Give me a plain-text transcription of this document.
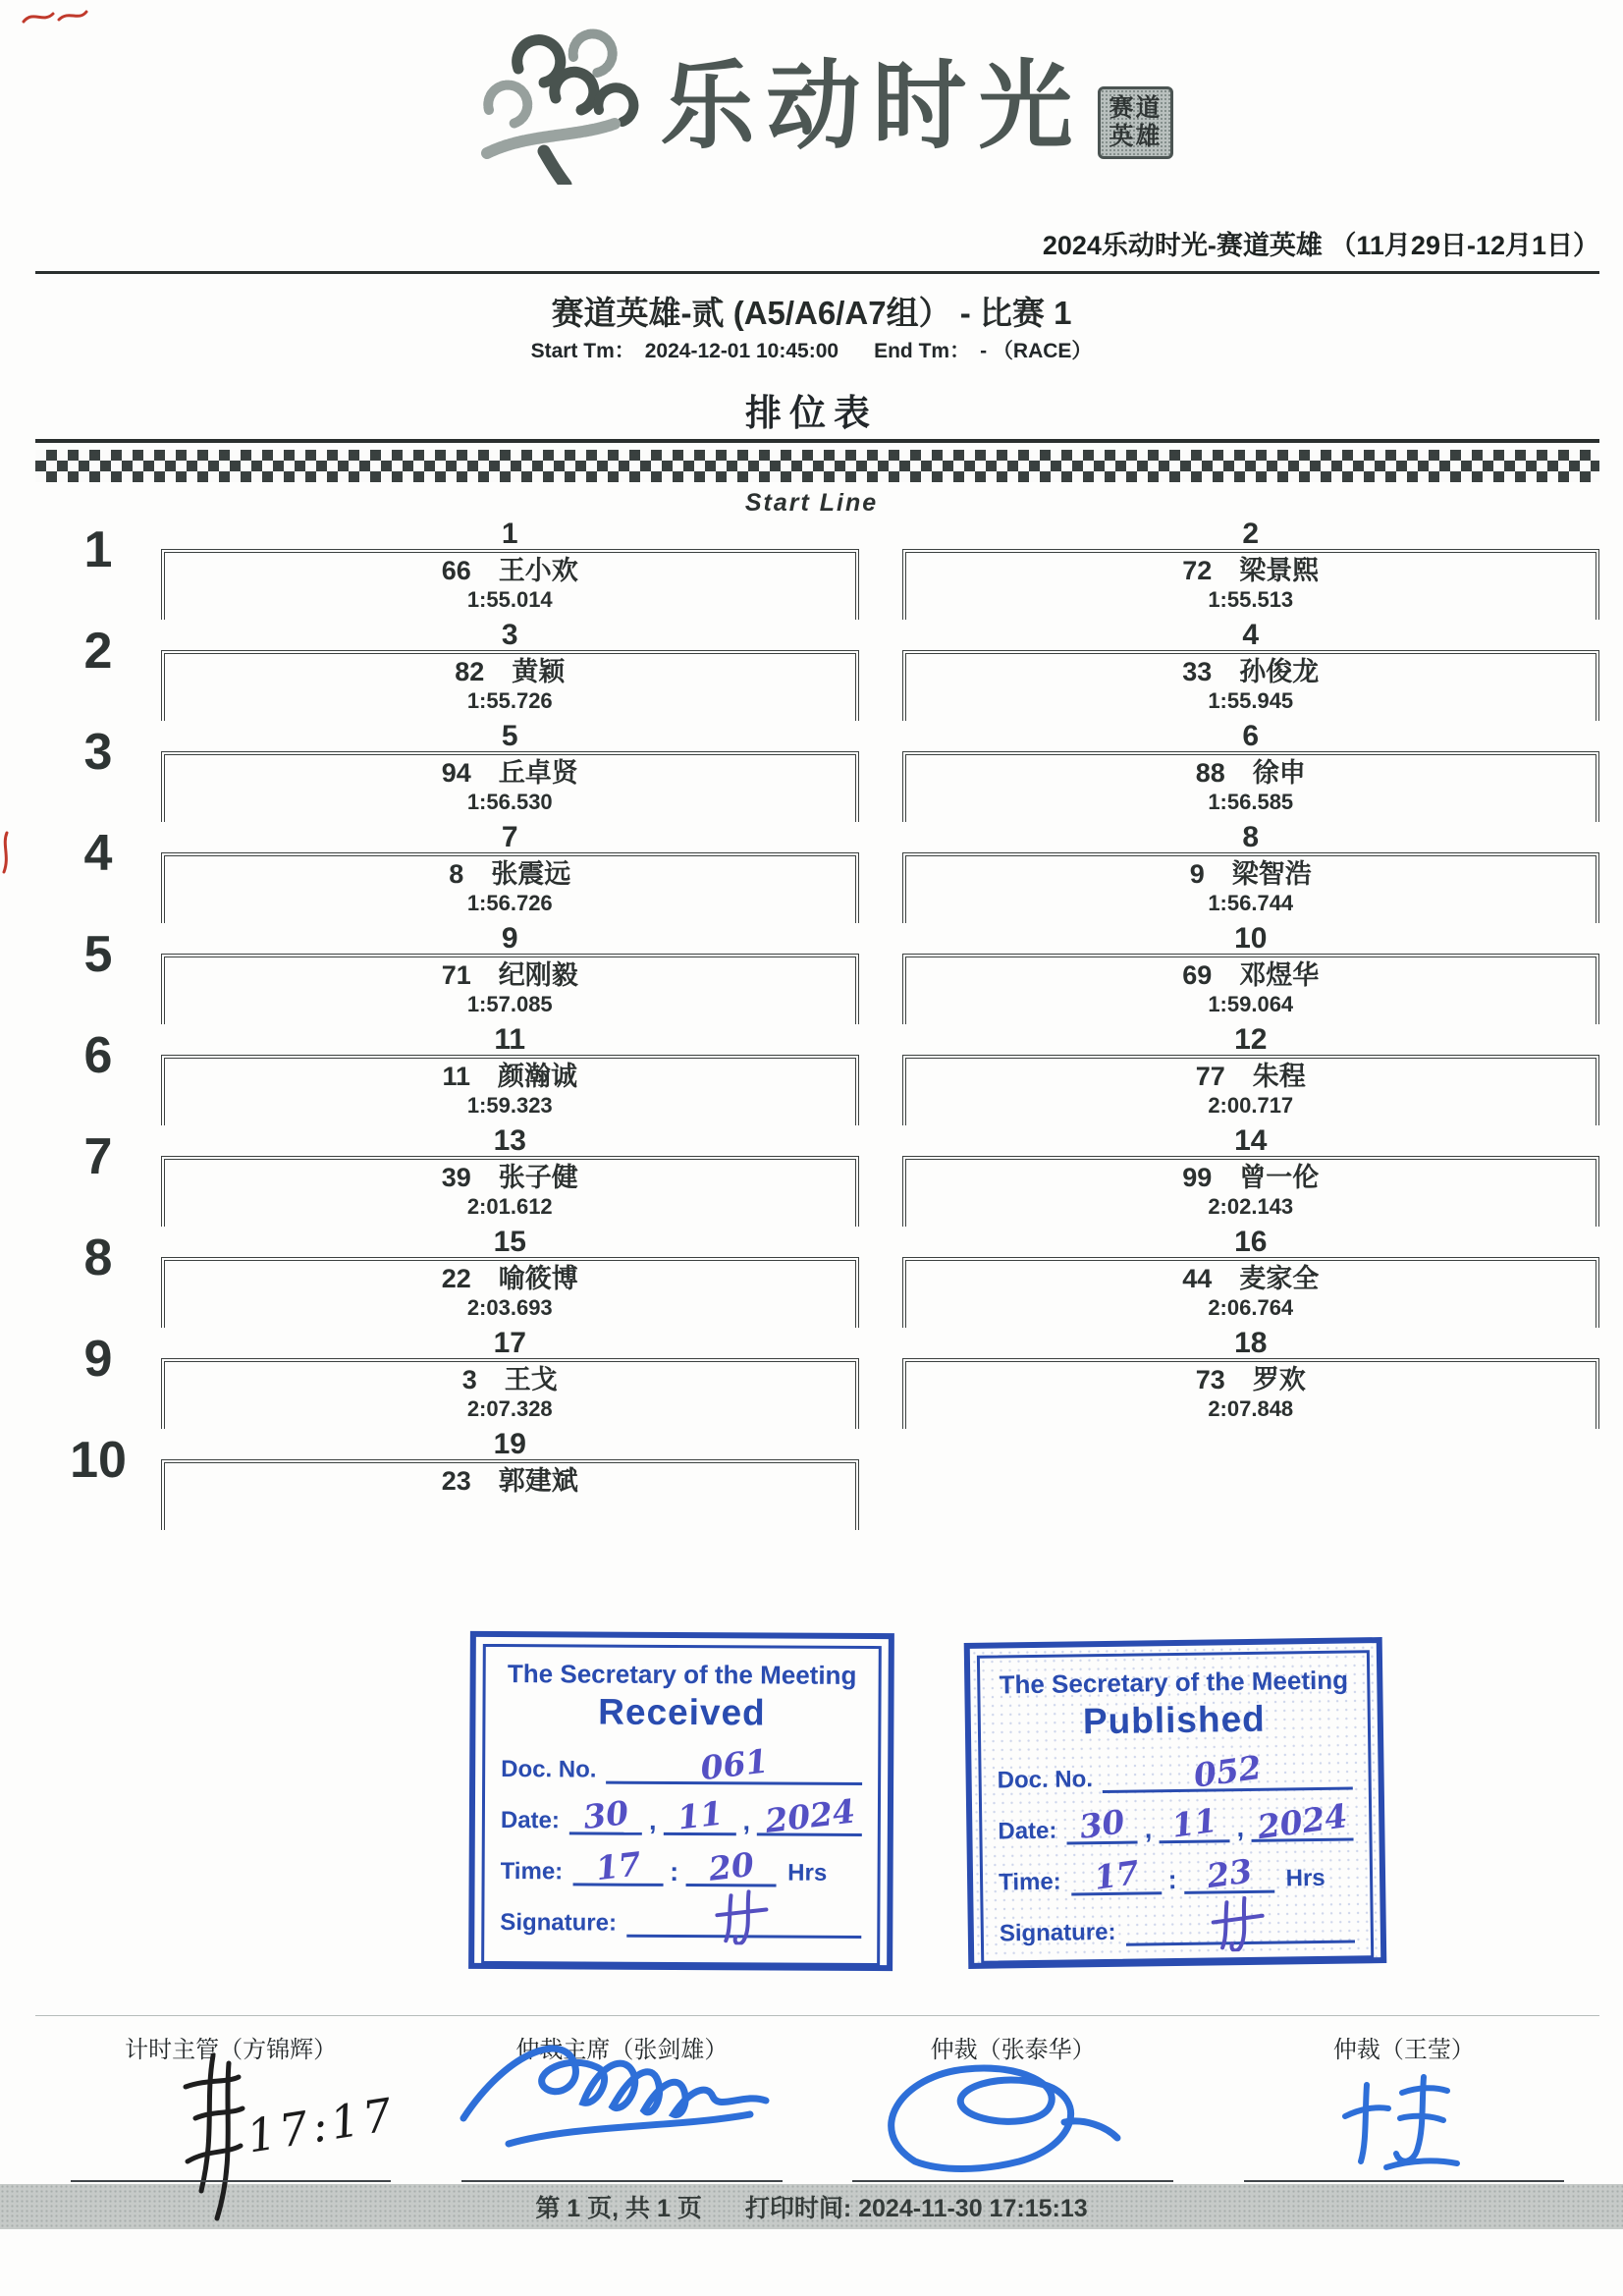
乐动时光 赛道
英雄
2024乐动时光-赛道英雄 （11月29日-12月1日）
赛道英雄-贰 (A5/A6/A7组） - 比赛 1
Start Tm： 2024-12-01 10:45:00 End Tm： - （RACE）
排位表
Start Line
1	1
66 王小欢
1:55.014
2
72 梁景熙
1:55.513
2	3
82 黄颖
1:55.726
4
33 孙俊龙
1:55.945
3	5
94 丘卓贤
1:56.530
6
88 徐申
1:56.585
4	7
8 张震远
1:56.726
8
9 梁智浩
1:56.744
5	9
71 纪刚毅
1:57.085
10
69 邓煜华
1:59.064
6	11
11 颜瀚诚
1:59.323
12
77 朱程
2:00.717
7	13
39 张子健
2:01.612
14
99 曾一伦
2:02.143
8	15
22 喻筱博
2:03.693
16
44 麦家全
2:06.764
9	17
3 王戈
2:07.328
18
73 罗欢
2:07.848
10	19
23 郭建斌
The Secretary of the Meeting
Received
Doc. No.	061
Date: 30 , 11 , 2024
Time: 17	: 20	Hrs
Signature:
The Secretary of the Meeting
Published
Doc. No.	052
Date: 30 , 11 , 2024
Time: 17	: 23	Hrs
Signature:
计时主管（方锦辉）
17:17
仲裁主席（张剑雄）	仲裁（张泰华）	仲裁（王莹）
第 1 页, 共 1 页 打印时间: 2024-11-30 17:15:13
